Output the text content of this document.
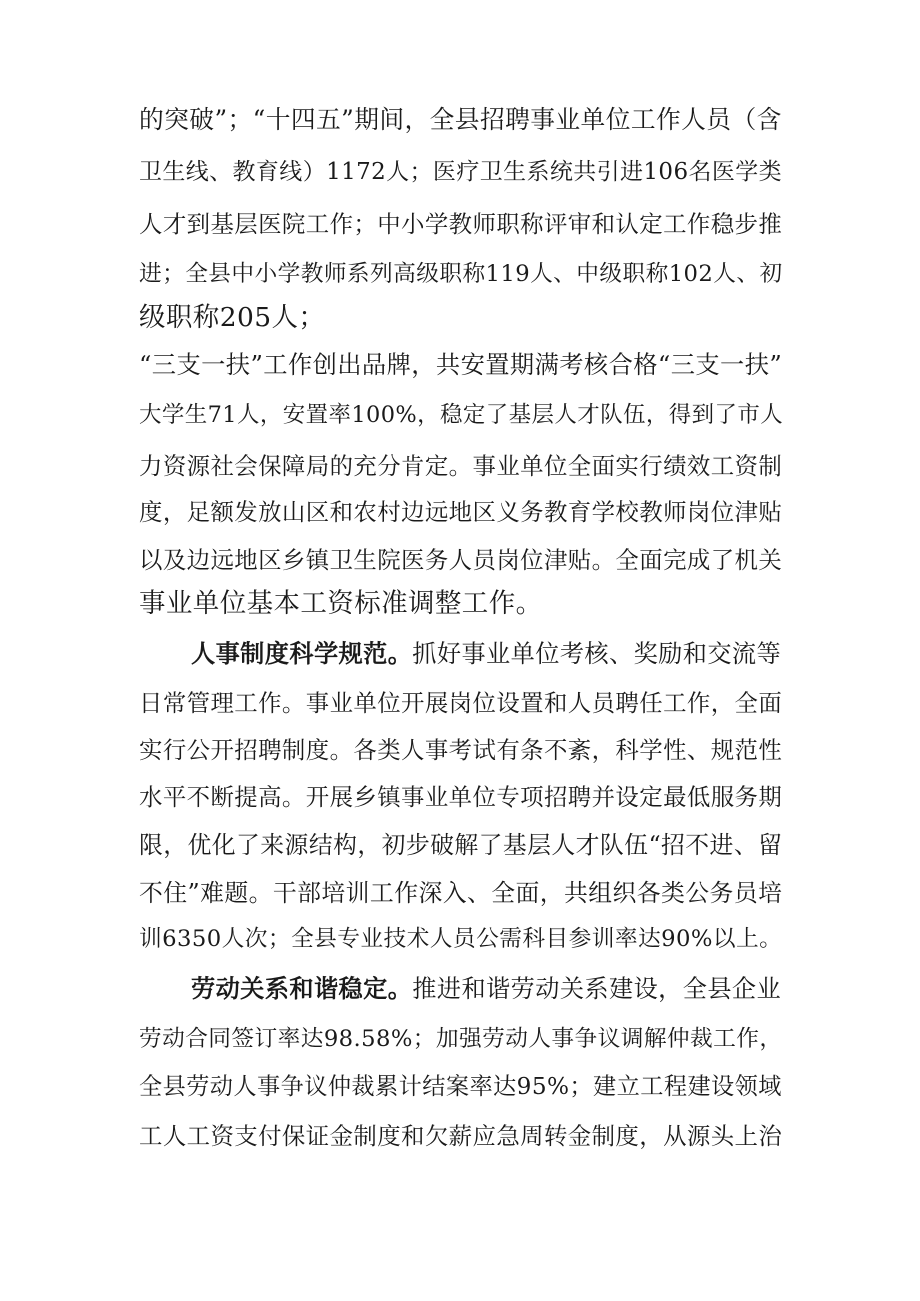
的突破”；“十四五”期间，全县招聘事业单位工作人员（含
卫生线、教育线）1172人；医疗卫生系统共引进106名医学类
人才到基层医院工作；中小学教师职称评审和认定工作稳步推
进；全县中小学教师系列高级职称119人、中级职称102人、初
级职称205人；
“三支一扶”工作创出品牌，共安置期满考核合格“三支一扶”
大学生71人，安置率100%，稳定了基层人才队伍，得到了市人
力资源社会保障局的充分肯定。事业单位全面实行绩效工资制
度，足额发放山区和农村边远地区义务教育学校教师岗位津贴
以及边远地区乡镇卫生院医务人员岗位津贴。全面完成了机关
事业单位基本工资标准调整工作。
人事制度科学规范。抓好事业单位考核、奖励和交流等
日常管理工作。事业单位开展岗位设置和人员聘任工作，全面
实行公开招聘制度。各类人事考试有条不紊，科学性、规范性
水平不断提高。开展乡镇事业单位专项招聘并设定最低服务期
限，优化了来源结构，初步破解了基层人才队伍“招不进、留
不住”难题。干部培训工作深入、全面，共组织各类公务员培
训6350人次；全县专业技术人员公需科目参训率达90%以上。
劳动关系和谐稳定。推进和谐劳动关系建设，全县企业
劳动合同签订率达98.58%；加强劳动人事争议调解仲裁工作，
全县劳动人事争议仲裁累计结案率达95%；建立工程建设领域
工人工资支付保证金制度和欠薪应急周转金制度，从源头上治
